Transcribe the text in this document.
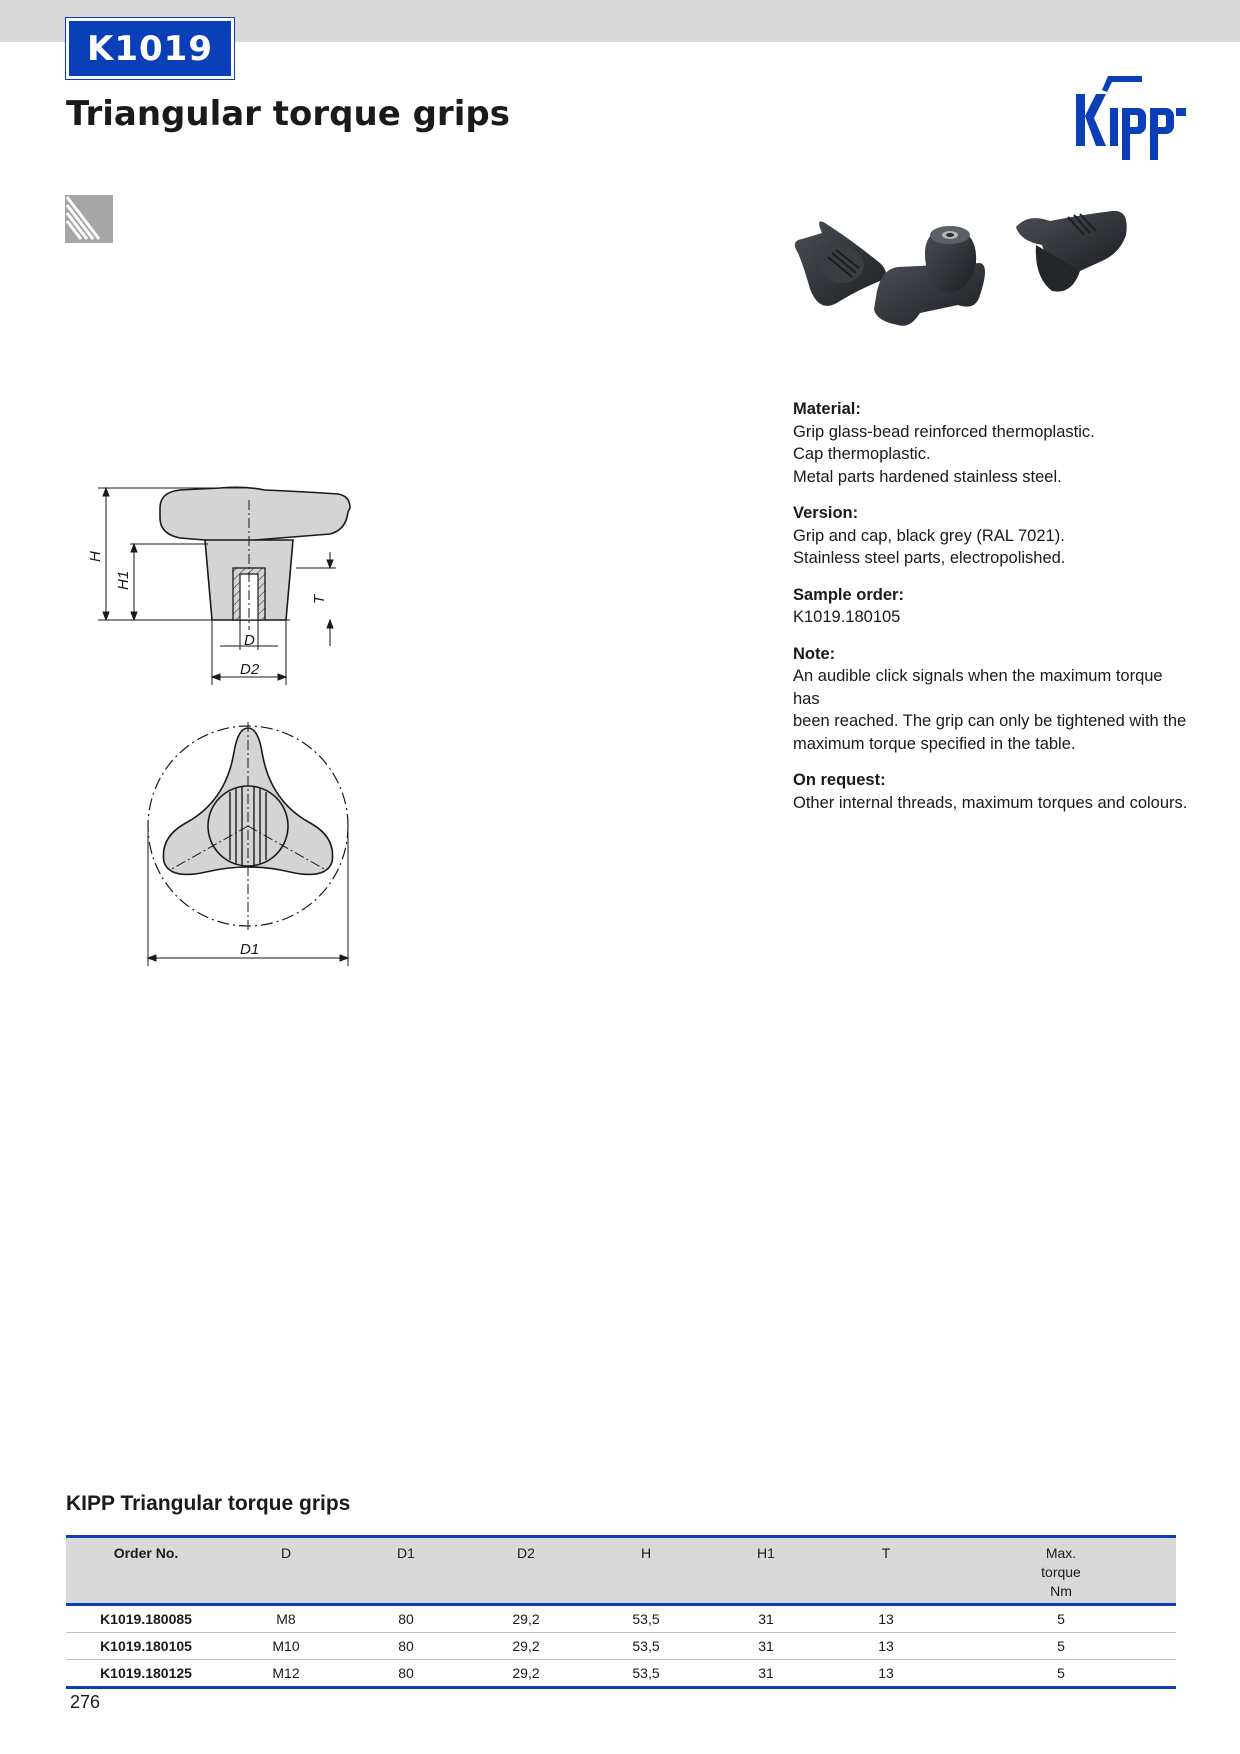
K1019
Triangular torque grips
H
H1
T
D
D2
D1
Material:
Grip glass-bead reinforced thermoplastic.
Cap thermoplastic.
Metal parts hardened stainless steel.
Version:
Grip and cap, black grey (RAL 7021).
Stainless steel parts, electropolished.
Sample order:
K1019.180105
Note:
An audible click signals when the maximum torque has
been reached. The grip can only be tightened with the
maximum torque specified in the table.
On request:
Other internal threads, maximum torques and colours.
KIPP Triangular torque grips
Order No.	D	D1	D2	H	H1	T	Max.
torque
Nm
K1019.180085	M8	80	29,2	53,5	31	13	5
K1019.180105	M10	80	29,2	53,5	31	13	5
K1019.180125	M12	80	29,2	53,5	31	13	5
276
